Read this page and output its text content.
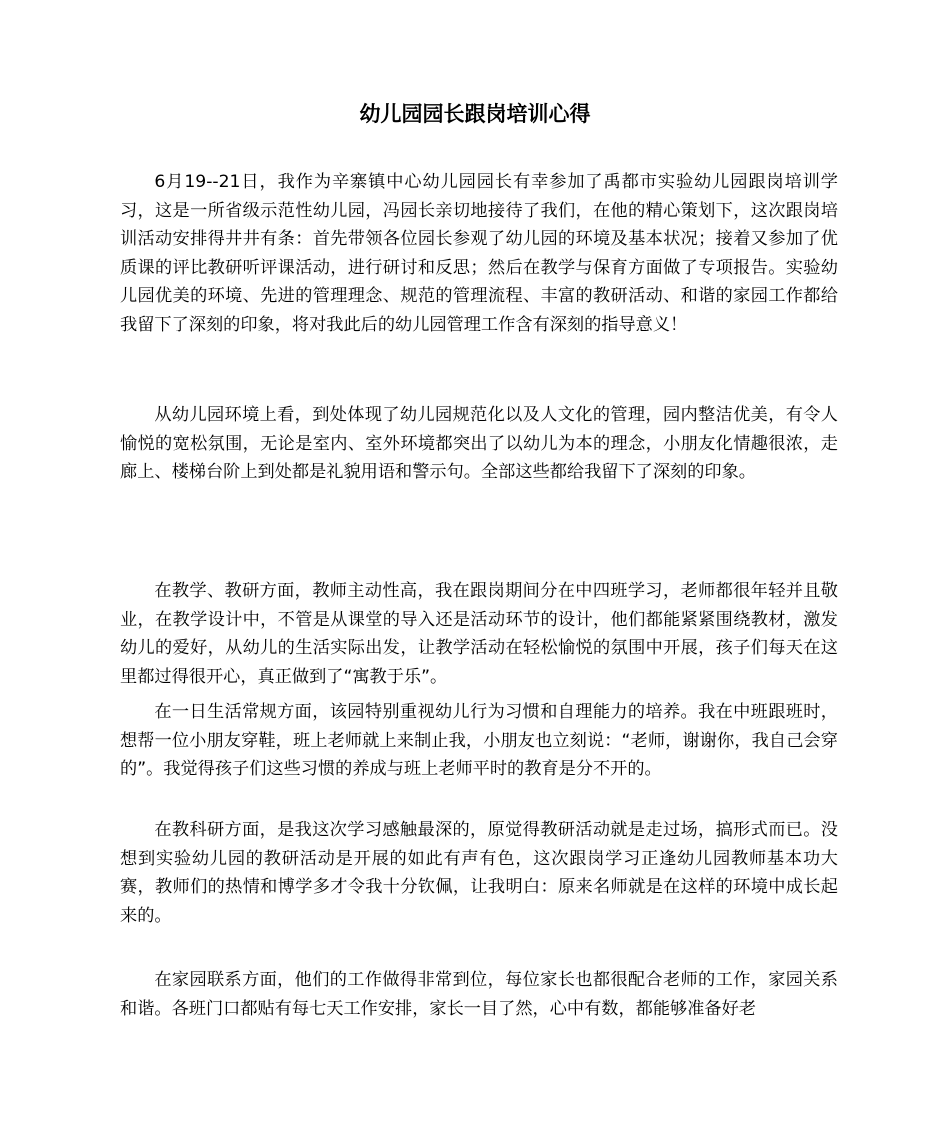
幼儿园园长跟岗培训心得

6月19--21日，我作为辛寨镇中心幼儿园园长有幸参加了禹都市实验幼儿园跟岗培训学习，这是一所省级示范性幼儿园，冯园长亲切地接待了我们，在他的精心策划下，这次跟岗培训活动安排得井井有条：首先带领各位园长参观了幼儿园的环境及基本状况；接着又参加了优质课的评比教研听评课活动，进行研讨和反思；然后在教学与保育方面做了专项报告。实验幼儿园优美的环境、先进的管理理念、规范的管理流程、丰富的教研活动、和谐的家园工作都给我留下了深刻的印象，将对我此后的幼儿园管理工作含有深刻的指导意义！

从幼儿园环境上看，到处体现了幼儿园规范化以及人文化的管理，园内整洁优美，有令人愉悦的宽松氛围，无论是室内、室外环境都突出了以幼儿为本的理念，小朋友化情趣很浓，走廊上、楼梯台阶上到处都是礼貌用语和警示句。全部这些都给我留下了深刻的印象。

在教学、教研方面，教师主动性高，我在跟岗期间分在中四班学习，老师都很年轻并且敬业，在教学设计中，不管是从课堂的导入还是活动环节的设计，他们都能紧紧围绕教材，激发幼儿的爱好，从幼儿的生活实际出发，让教学活动在轻松愉悦的氛围中开展，孩子们每天在这里都过得很开心，真正做到了“寓教于乐”。

在一日生活常规方面，该园特别重视幼儿行为习惯和自理能力的培养。我在中班跟班时，想帮一位小朋友穿鞋，班上老师就上来制止我，小朋友也立刻说：“老师，谢谢你，我自己会穿的”。我觉得孩子们这些习惯的养成与班上老师平时的教育是分不开的。

在教科研方面，是我这次学习感触最深的，原觉得教研活动就是走过场，搞形式而已。没想到实验幼儿园的教研活动是开展的如此有声有色，这次跟岗学习正逢幼儿园教师基本功大赛，教师们的热情和博学多才令我十分钦佩，让我明白：原来名师就是在这样的环境中成长起来的。

在家园联系方面，他们的工作做得非常到位，每位家长也都很配合老师的工作，家园关系和谐。各班门口都贴有每七天工作安排，家长一目了然，心中有数，都能够准备好老
